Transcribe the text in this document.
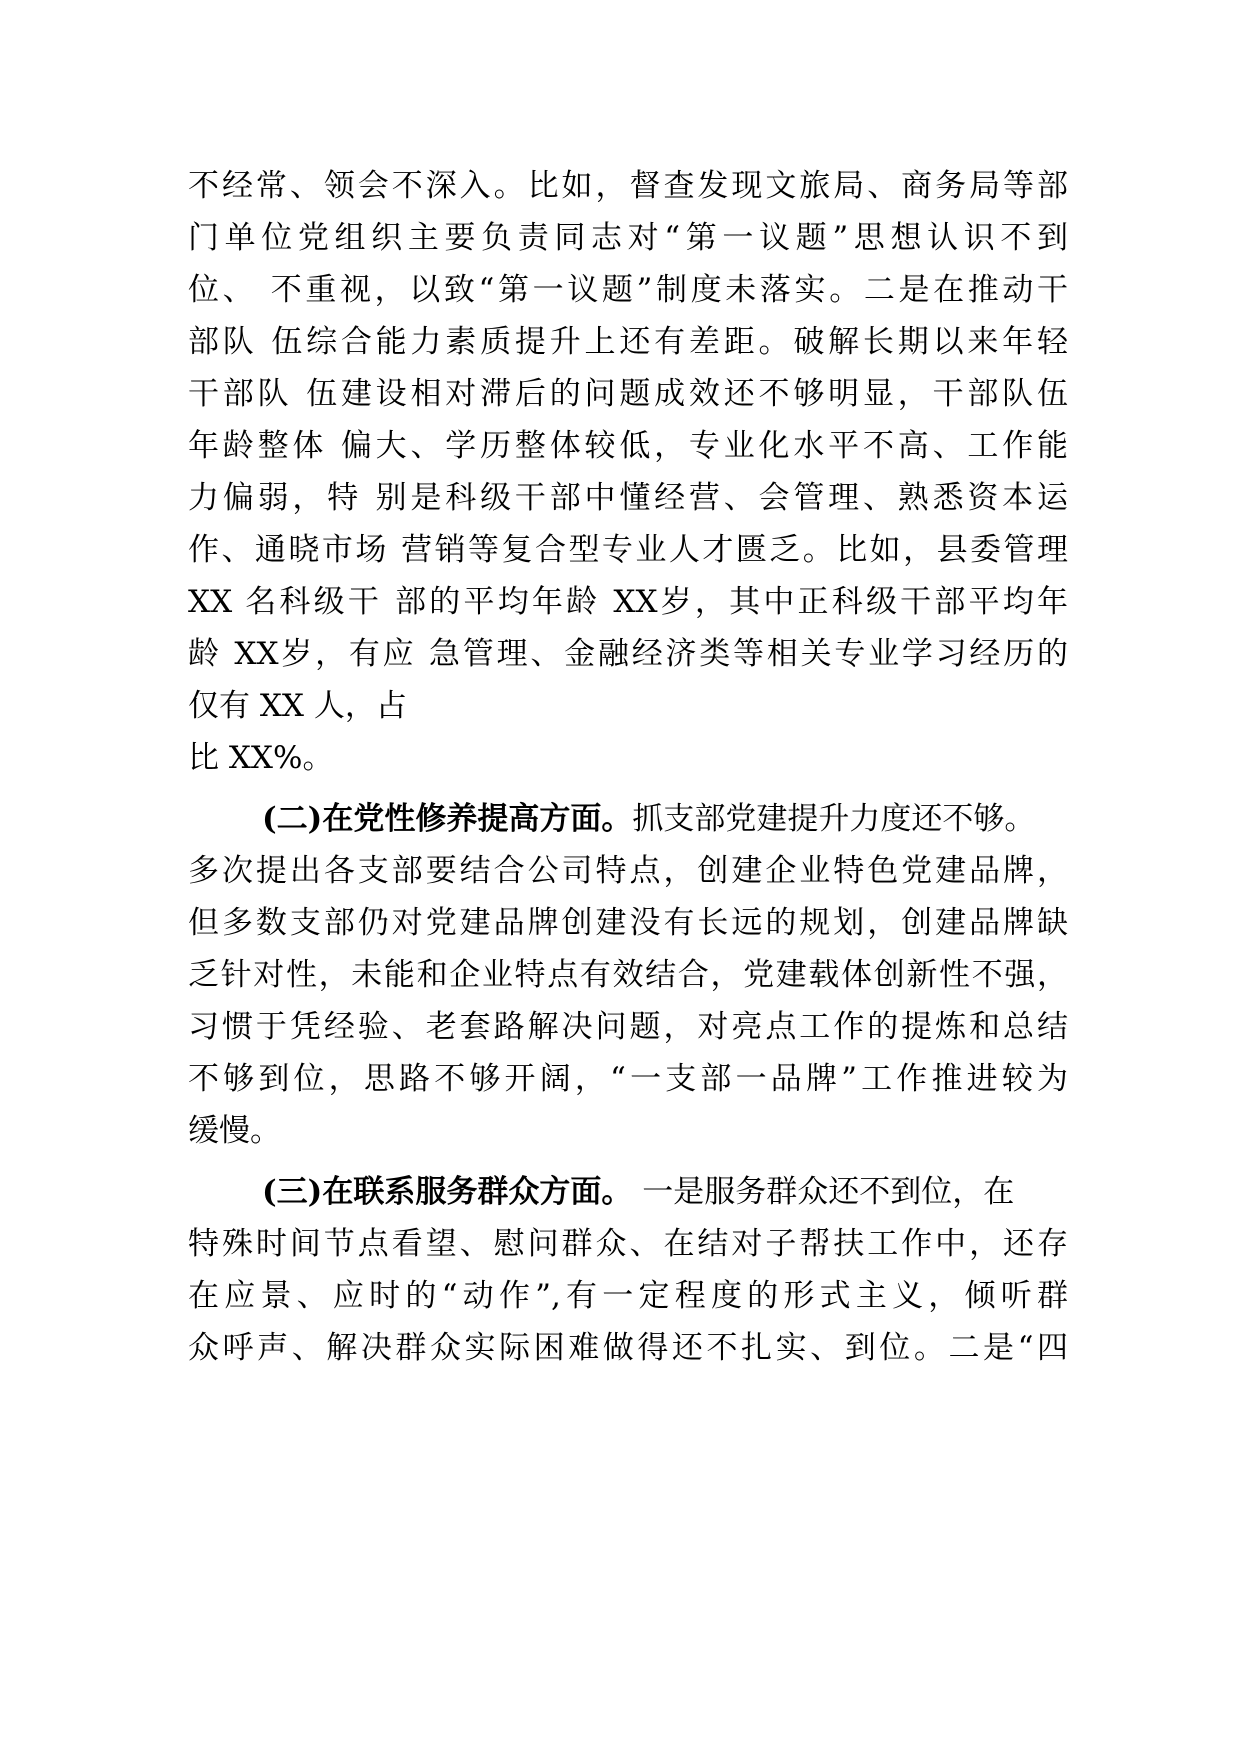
不经常、领会不深入。比如，督查发现文旅局、商务局等部
门单位党组织主要负责同志对“第一议题”思想认识不到
位、 不重视，以致“第一议题”制度未落实。二是在推动干
部队 伍综合能力素质提升上还有差距。破解长期以来年轻
干部队 伍建设相对滞后的问题成效还不够明显，干部队伍
年龄整体 偏大、学历整体较低，专业化水平不高、工作能
力偏弱，特 别是科级干部中懂经营、会管理、熟悉资本运
作、通晓市场 营销等复合型专业人才匮乏。比如，县委管理
XX 名科级干 部的平均年龄 XX岁，其中正科级干部平均年
龄 XX岁，有应 急管理、金融经济类等相关专业学习经历的
仅有 XX 人，占
比 XX%。
(二)在党性修养提高方面。抓支部党建提升力度还不够。
多次提出各支部要结合公司特点，创建企业特色党建品牌，
但多数支部仍对党建品牌创建没有长远的规划，创建品牌缺
乏针对性，未能和企业特点有效结合，党建载体创新性不强，
习惯于凭经验、老套路解决问题，对亮点工作的提炼和总结
不够到位，思路不够开阔，“一支部一品牌”工作推进较为
缓慢。
(三)在联系服务群众方面。 一是服务群众还不到位，在
特殊时间节点看望、慰问群众、在结对子帮扶工作中，还存
在应景、应时的“动作”,有一定程度的形式主义，倾听群
众呼声、解决群众实际困难做得还不扎实、到位。二是“四
